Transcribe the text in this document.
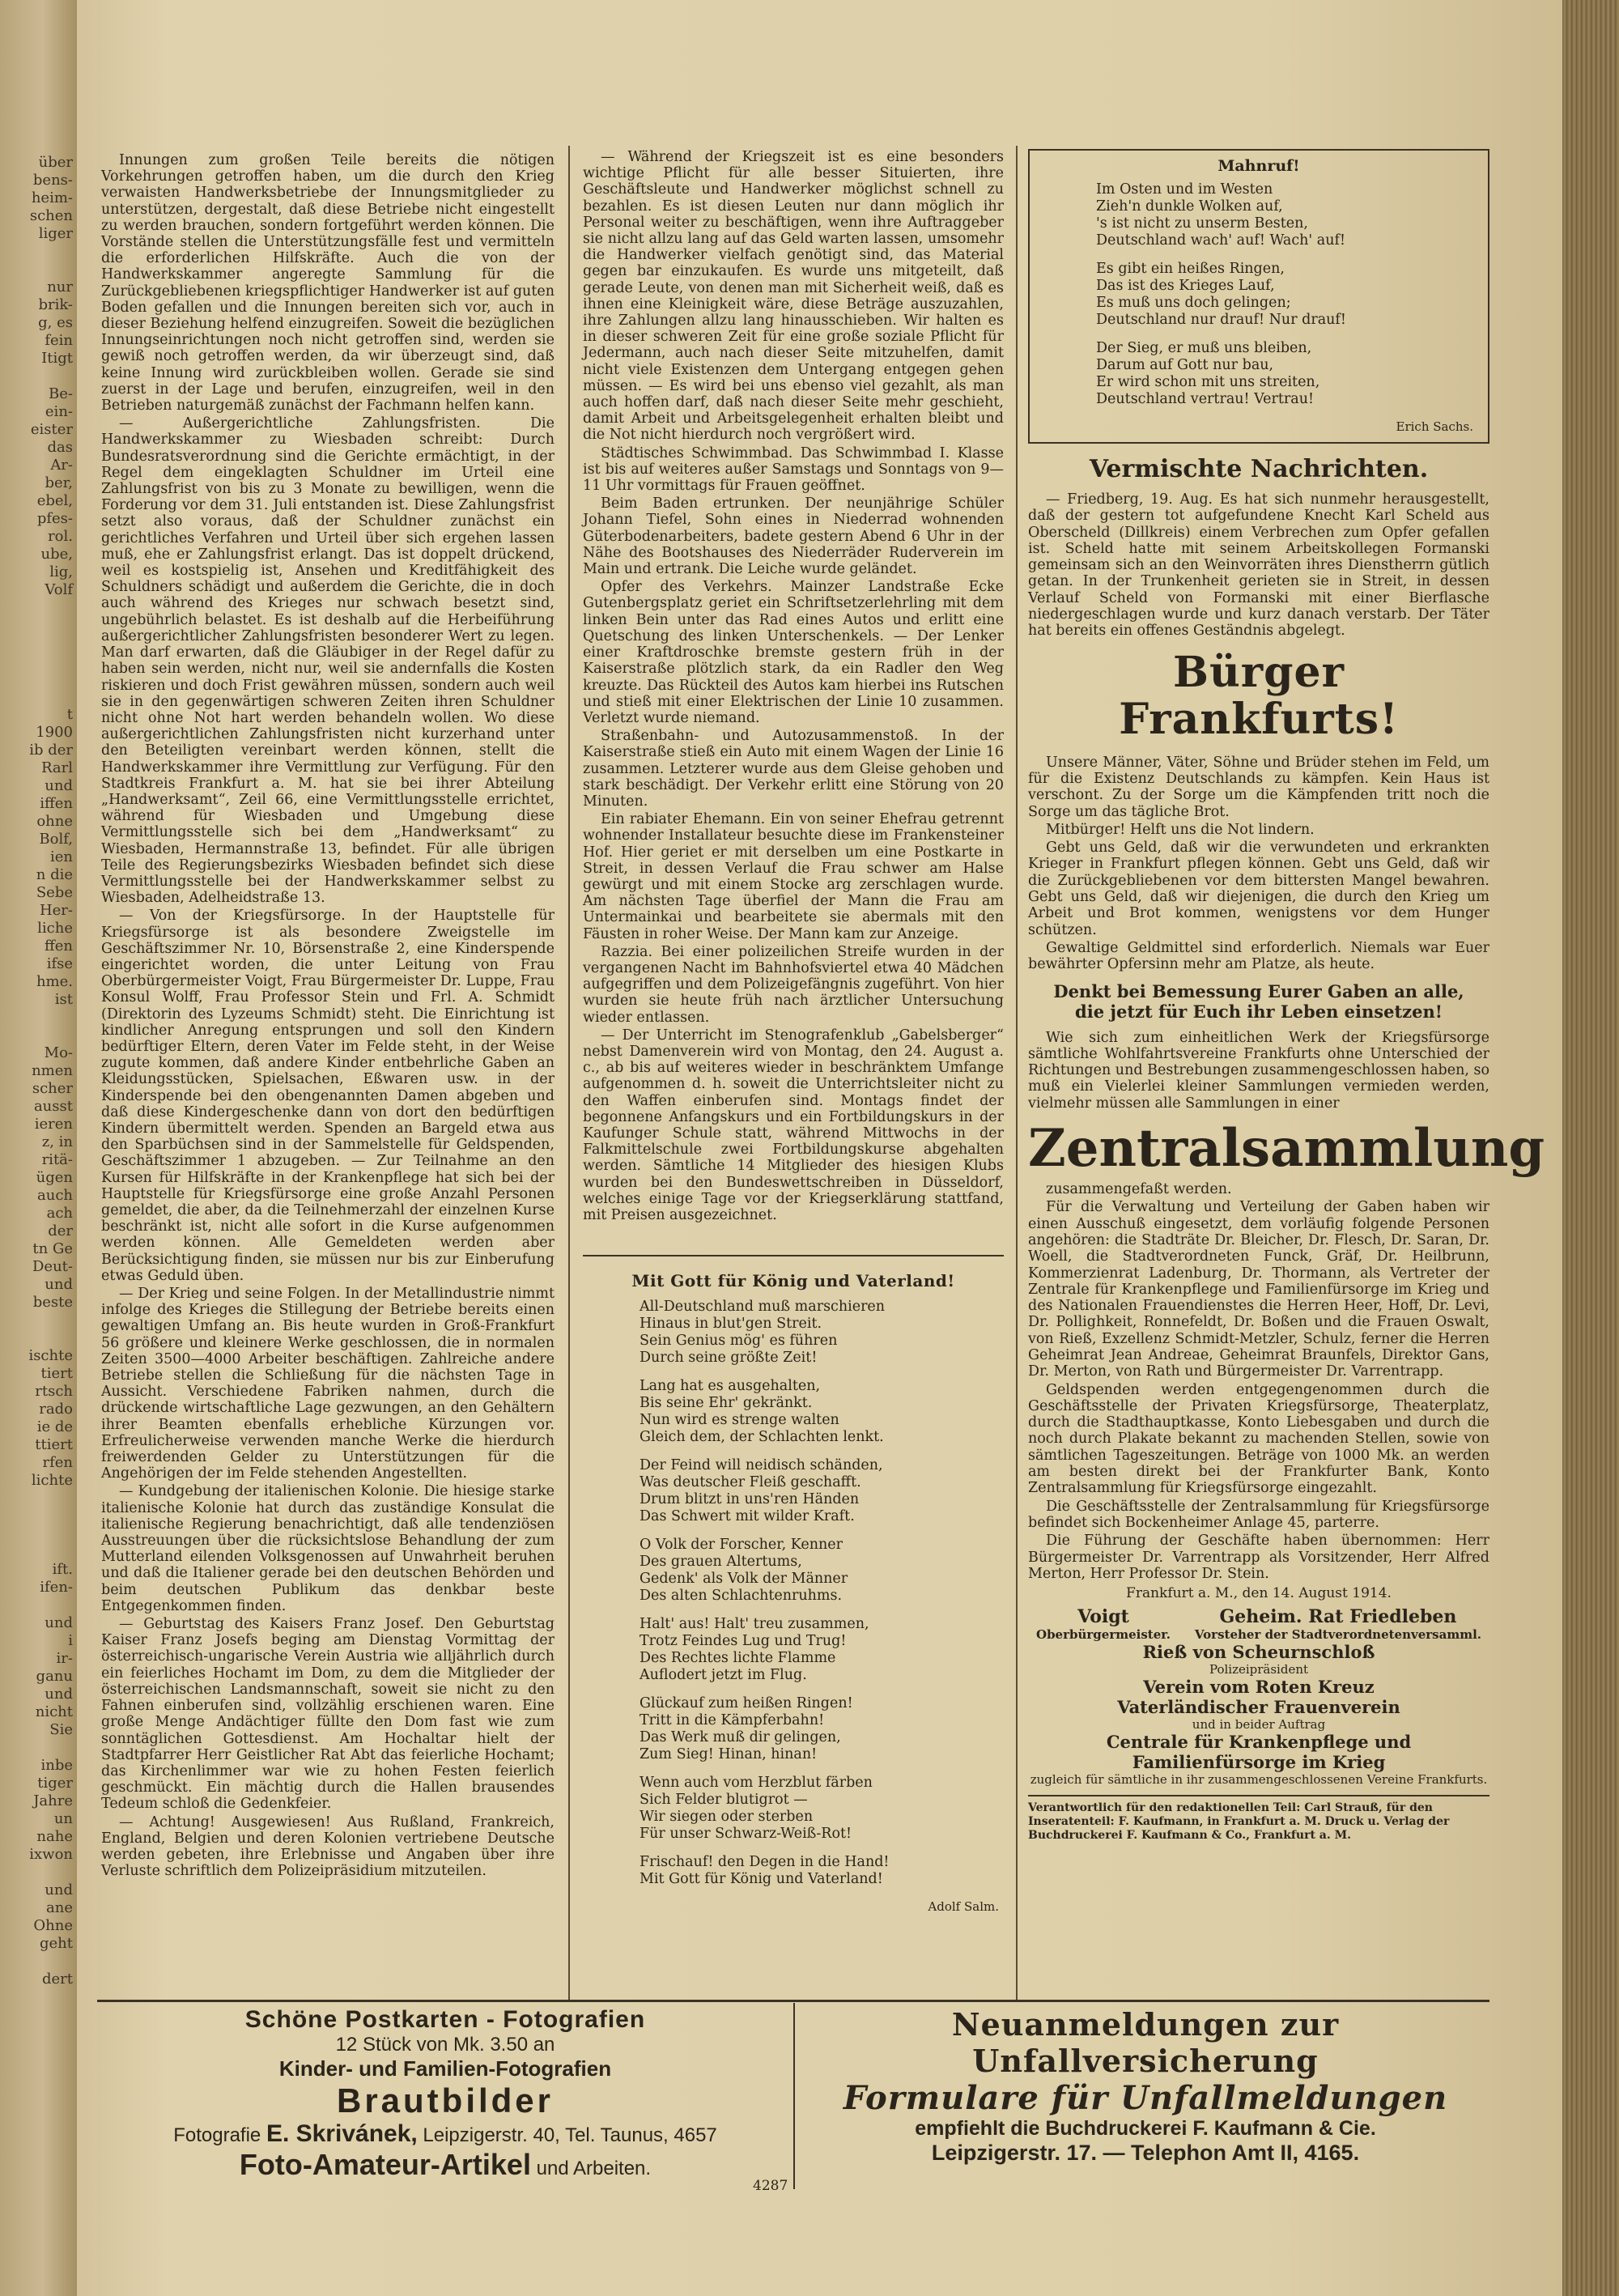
über
bens-
heim-
schen
liger
nur
brik-
g, es
fein
Itigt
Be-
ein-
eister
das
Ar-
ber,
ebel,
pfes-
rol.
ube,
lig,
Volf
t
1900
ib der
Rarl
und
iffen
ohne
Bolf,
ien
n die
Sebe
Her-
liche
ffen
ifse
hme.
ist
Mo-
nmen
scher
ausst
ieren
z, in
ritä-
ügen
auch
ach
der
tn Ge
Deut-
und
beste
ischte
tiert
rtsch
rado
ie de
ttiert
rfen
lichte
ift.
ifen-
und
i
ir-
ganu
und
nicht
Sie
inbe
tiger
Jahre
un
nahe
ixwon
und
ane
Ohne
geht
dert

Innungen zum großen Teile bereits die nötigen Vorkehrungen getroffen haben, um die durch den Krieg verwaisten Handwerksbetriebe der Innungsmitglieder zu unterstützen, dergestalt, daß diese Betriebe nicht eingestellt zu werden brauchen, sondern fortgeführt werden können. Die Vorstände stellen die Unterstützungsfälle fest und vermitteln die erforderlichen Hilfskräfte. Auch die von der Handwerkskammer angeregte Sammlung für die Zurückgebliebenen kriegspflichtiger Handwerker ist auf guten Boden gefallen und die Innungen bereiten sich vor, auch in dieser Beziehung helfend einzugreifen. Soweit die bezüglichen Innungseinrichtungen noch nicht getroffen sind, werden sie gewiß noch getroffen werden, da wir überzeugt sind, daß keine Innung wird zurückbleiben wollen. Gerade sie sind zuerst in der Lage und berufen, einzugreifen, weil in den Betrieben naturgemäß zunächst der Fachmann helfen kann.

— Außergerichtliche Zahlungsfristen. Die Handwerkskammer zu Wiesbaden schreibt: Durch Bundesratsverordnung sind die Gerichte ermächtigt, in der Regel dem eingeklagten Schuldner im Urteil eine Zahlungsfrist von bis zu 3 Monate zu bewilligen, wenn die Forderung vor dem 31. Juli entstanden ist. Diese Zahlungsfrist setzt also voraus, daß der Schuldner zunächst ein gerichtliches Verfahren und Urteil über sich ergehen lassen muß, ehe er Zahlungsfrist erlangt. Das ist doppelt drückend, weil es kostspielig ist, Ansehen und Kreditfähigkeit des Schuldners schädigt und außerdem die Gerichte, die in doch auch während des Krieges nur schwach besetzt sind, ungebührlich belastet. Es ist deshalb auf die Herbeiführung außergerichtlicher Zahlungsfristen besonderer Wert zu legen. Man darf erwarten, daß die Gläubiger in der Regel dafür zu haben sein werden, nicht nur, weil sie andernfalls die Kosten riskieren und doch Frist gewähren müssen, sondern auch weil sie in den gegenwärtigen schweren Zeiten ihren Schuldner nicht ohne Not hart werden behandeln wollen. Wo diese außergerichtlichen Zahlungsfristen nicht kurzerhand unter den Beteiligten vereinbart werden können, stellt die Handwerkskammer ihre Vermittlung zur Verfügung. Für den Stadtkreis Frankfurt a. M. hat sie bei ihrer Abteilung „Handwerksamt“, Zeil 66, eine Vermittlungsstelle errichtet, während für Wiesbaden und Umgebung diese Vermittlungsstelle sich bei dem „Handwerksamt“ zu Wiesbaden, Hermannstraße 13, befindet. Für alle übrigen Teile des Regierungsbezirks Wiesbaden befindet sich diese Vermittlungsstelle bei der Handwerkskammer selbst zu Wiesbaden, Adelheidstraße 13.

— Von der Kriegsfürsorge. In der Hauptstelle für Kriegsfürsorge ist als besondere Zweigstelle im Geschäftszimmer Nr. 10, Börsenstraße 2, eine Kinderspende eingerichtet worden, die unter Leitung von Frau Oberbürgermeister Voigt, Frau Bürgermeister Dr. Luppe, Frau Konsul Wolff, Frau Professor Stein und Frl. A. Schmidt (Direktorin des Lyzeums Schmidt) steht. Die Einrichtung ist kindlicher Anregung entsprungen und soll den Kindern bedürftiger Eltern, deren Vater im Felde steht, in der Weise zugute kommen, daß andere Kinder entbehrliche Gaben an Kleidungsstücken, Spielsachen, Eßwaren usw. in der Kinderspende bei den obengenannten Damen abgeben und daß diese Kindergeschenke dann von dort den bedürftigen Kindern übermittelt werden. Spenden an Bargeld etwa aus den Sparbüchsen sind in der Sammelstelle für Geldspenden, Geschäftszimmer 1 abzugeben. — Zur Teilnahme an den Kursen für Hilfskräfte in der Krankenpflege hat sich bei der Hauptstelle für Kriegsfürsorge eine große Anzahl Personen gemeldet, die aber, da die Teilnehmerzahl der einzelnen Kurse beschränkt ist, nicht alle sofort in die Kurse aufgenommen werden können. Alle Gemeldeten werden aber Berücksichtigung finden, sie müssen nur bis zur Einberufung etwas Geduld üben.

— Der Krieg und seine Folgen. In der Metallindustrie nimmt infolge des Krieges die Stillegung der Betriebe bereits einen gewaltigen Umfang an. Bis heute wurden in Groß-Frankfurt 56 größere und kleinere Werke geschlossen, die in normalen Zeiten 3500—4000 Arbeiter beschäftigen. Zahlreiche andere Betriebe stellen die Schließung für die nächsten Tage in Aussicht. Verschiedene Fabriken nahmen, durch die drückende wirtschaftliche Lage gezwungen, an den Gehältern ihrer Beamten ebenfalls erhebliche Kürzungen vor. Erfreulicherweise verwenden manche Werke die hierdurch freiwerdenden Gelder zu Unterstützungen für die Angehörigen der im Felde stehenden Angestellten.

— Kundgebung der italienischen Kolonie. Die hiesige starke italienische Kolonie hat durch das zuständige Konsulat die italienische Regierung benachrichtigt, daß alle tendenziösen Ausstreuungen über die rücksichtslose Behandlung der zum Mutterland eilenden Volksgenossen auf Unwahrheit beruhen und daß die Italiener gerade bei den deutschen Behörden und beim deutschen Publikum das denkbar beste Entgegenkommen finden.

— Geburtstag des Kaisers Franz Josef. Den Geburtstag Kaiser Franz Josefs beging am Dienstag Vormittag der österreichisch-ungarische Verein Austria wie alljährlich durch ein feierliches Hochamt im Dom, zu dem die Mitglieder der österreichischen Landsmannschaft, soweit sie nicht zu den Fahnen einberufen sind, vollzählig erschienen waren. Eine große Menge Andächtiger füllte den Dom fast wie zum sonntäglichen Gottesdienst. Am Hochaltar hielt der Stadtpfarrer Herr Geistlicher Rat Abt das feierliche Hochamt; das Kirchenlimmer war wie zu hohen Festen feierlich geschmückt. Ein mächtig durch die Hallen brausendes Tedeum schloß die Gedenkfeier.

— Achtung! Ausgewiesen! Aus Rußland, Frankreich, England, Belgien und deren Kolonien vertriebene Deutsche werden gebeten, ihre Erlebnisse und Angaben über ihre Verluste schriftlich dem Polizeipräsidium mitzuteilen.

— Während der Kriegszeit ist es eine besonders wichtige Pflicht für alle besser Situierten, ihre Geschäftsleute und Handwerker möglichst schnell zu bezahlen. Es ist diesen Leuten nur dann möglich ihr Personal weiter zu beschäftigen, wenn ihre Auftraggeber sie nicht allzu lang auf das Geld warten lassen, umsomehr die Handwerker vielfach genötigt sind, das Material gegen bar einzukaufen. Es wurde uns mitgeteilt, daß gerade Leute, von denen man mit Sicherheit weiß, daß es ihnen eine Kleinigkeit wäre, diese Beträge auszuzahlen, ihre Zahlungen allzu lang hinausschieben. Wir halten es in dieser schweren Zeit für eine große soziale Pflicht für Jedermann, auch nach dieser Seite mitzuhelfen, damit nicht viele Existenzen dem Untergang entgegen gehen müssen. — Es wird bei uns ebenso viel gezahlt, als man auch hoffen darf, daß nach dieser Seite mehr geschieht, damit Arbeit und Arbeitsgelegenheit erhalten bleibt und die Not nicht hierdurch noch vergrößert wird.

Städtisches Schwimmbad. Das Schwimmbad I. Klasse ist bis auf weiteres außer Samstags und Sonntags von 9—11 Uhr vormittags für Frauen geöffnet.

Beim Baden ertrunken. Der neunjährige Schüler Johann Tiefel, Sohn eines in Niederrad wohnenden Güterbodenarbeiters, badete gestern Abend 6 Uhr in der Nähe des Bootshauses des Niederräder Ruderverein im Main und ertrank. Die Leiche wurde geländet.

Opfer des Verkehrs. Mainzer Landstraße Ecke Gutenbergsplatz geriet ein Schriftsetzerlehrling mit dem linken Bein unter das Rad eines Autos und erlitt eine Quetschung des linken Unterschenkels. — Der Lenker einer Kraftdroschke bremste gestern früh in der Kaiserstraße plötzlich stark, da ein Radler den Weg kreuzte. Das Rückteil des Autos kam hierbei ins Rutschen und stieß mit einer Elektrischen der Linie 10 zusammen. Verletzt wurde niemand.

Straßenbahn- und Autozusammenstoß. In der Kaiserstraße stieß ein Auto mit einem Wagen der Linie 16 zusammen. Letzterer wurde aus dem Gleise gehoben und stark beschädigt. Der Verkehr erlitt eine Störung von 20 Minuten.

Ein rabiater Ehemann. Ein von seiner Ehefrau getrennt wohnender Installateur besuchte diese im Frankensteiner Hof. Hier geriet er mit derselben um eine Postkarte in Streit, in dessen Verlauf die Frau schwer am Halse gewürgt und mit einem Stocke arg zerschlagen wurde. Am nächsten Tage überfiel der Mann die Frau am Untermainkai und bearbeitete sie abermals mit den Fäusten in roher Weise. Der Mann kam zur Anzeige.

Razzia. Bei einer polizeilichen Streife wurden in der vergangenen Nacht im Bahnhofsviertel etwa 40 Mädchen aufgegriffen und dem Polizeigefängnis zugeführt. Von hier wurden sie heute früh nach ärztlicher Untersuchung wieder entlassen.

— Der Unterricht im Stenografenklub „Gabelsberger“ nebst Damenverein wird von Montag, den 24. August a. c., ab bis auf weiteres wieder in beschränktem Umfange aufgenommen d. h. soweit die Unterrichtsleiter nicht zu den Waffen einberufen sind. Montags findet der begonnene Anfangskurs und ein Fortbildungskurs in der Kaufunger Schule statt, während Mittwochs in der Falkmittelschule zwei Fortbildungskurse abgehalten werden. Sämtliche 14 Mitglieder des hiesigen Klubs wurden bei den Bundeswettschreiben in Düsseldorf, welches einige Tage vor der Kriegserklärung stattfand, mit Preisen ausgezeichnet.

Mit Gott für König und Vaterland!
All-Deutschland muß marschieren
Hinaus in blut'gen Streit.
Sein Genius mög' es führen
Durch seine größte Zeit!
Lang hat es ausgehalten,
Bis seine Ehr' gekränkt.
Nun wird es strenge walten
Gleich dem, der Schlachten lenkt.
Der Feind will neidisch schänden,
Was deutscher Fleiß geschafft.
Drum blitzt in uns'ren Händen
Das Schwert mit wilder Kraft.
O Volk der Forscher, Kenner
Des grauen Altertums,
Gedenk' als Volk der Männer
Des alten Schlachtenruhms.
Halt' aus! Halt' treu zusammen,
Trotz Feindes Lug und Trug!
Des Rechtes lichte Flamme
Auflodert jetzt im Flug.
Glückauf zum heißen Ringen!
Tritt in die Kämpferbahn!
Das Werk muß dir gelingen,
Zum Sieg! Hinan, hinan!
Wenn auch vom Herzblut färben
Sich Felder blutigrot —
Wir siegen oder sterben
Für unser Schwarz-Weiß-Rot!
Frischauf! den Degen in die Hand!
Mit Gott für König und Vaterland!
Adolf Salm.
Mahnruf!
Im Osten und im Westen
Zieh'n dunkle Wolken auf,
's ist nicht zu unserm Besten,
Deutschland wach' auf! Wach' auf!
Es gibt ein heißes Ringen,
Das ist des Krieges Lauf,
Es muß uns doch gelingen;
Deutschland nur drauf! Nur drauf!
Der Sieg, er muß uns bleiben,
Darum auf Gott nur bau,
Er wird schon mit uns streiten,
Deutschland vertrau! Vertrau!
Erich Sachs.
Vermischte Nachrichten.

— Friedberg, 19. Aug. Es hat sich nunmehr herausgestellt, daß der gestern tot aufgefundene Knecht Karl Scheld aus Oberscheld (Dillkreis) einem Verbrechen zum Opfer gefallen ist. Scheld hatte mit seinem Arbeitskollegen Formanski gemeinsam sich an den Weinvorräten ihres Dienstherrn gütlich getan. In der Trunkenheit gerieten sie in Streit, in dessen Verlauf Scheld von Formanski mit einer Bierflasche niedergeschlagen wurde und kurz danach verstarb. Der Täter hat bereits ein offenes Geständnis abgelegt.

Bürger Frankfurts!

Unsere Männer, Väter, Söhne und Brüder stehen im Feld, um für die Existenz Deutschlands zu kämpfen. Kein Haus ist verschont. Zu der Sorge um die Kämpfenden tritt noch die Sorge um das tägliche Brot.

Mitbürger! Helft uns die Not lindern.

Gebt uns Geld, daß wir die verwundeten und erkrankten Krieger in Frankfurt pflegen können. Gebt uns Geld, daß wir die Zurückgebliebenen vor dem bittersten Mangel bewahren. Gebt uns Geld, daß wir diejenigen, die durch den Krieg um Arbeit und Brot kommen, wenigstens vor dem Hunger schützen.

Gewaltige Geldmittel sind erforderlich. Niemals war Euer bewährter Opfersinn mehr am Platze, als heute.

Denkt bei Bemessung Eurer Gaben an alle,
die jetzt für Euch ihr Leben einsetzen!

Wie sich zum einheitlichen Werk der Kriegsfürsorge sämtliche Wohlfahrtsvereine Frankfurts ohne Unterschied der Richtungen und Bestrebungen zusammengeschlossen haben, so muß ein Vielerlei kleiner Sammlungen vermieden werden, vielmehr müssen alle Sammlungen in einer

Zentralsammlung

zusammengefaßt werden.

Für die Verwaltung und Verteilung der Gaben haben wir einen Ausschuß eingesetzt, dem vorläufig folgende Personen angehören: die Stadträte Dr. Bleicher, Dr. Flesch, Dr. Saran, Dr. Woell, die Stadtverordneten Funck, Gräf, Dr. Heilbrunn, Kommerzienrat Ladenburg, Dr. Thormann, als Vertreter der Zentrale für Krankenpflege und Familienfürsorge im Krieg und des Nationalen Frauendienstes die Herren Heer, Hoff, Dr. Levi, Dr. Pollighkeit, Ronnefeldt, Dr. Boßen und die Frauen Oswalt, von Rieß, Exzellenz Schmidt-Metzler, Schulz, ferner die Herren Geheimrat Jean Andreae, Geheimrat Braunfels, Direktor Gans, Dr. Merton, von Rath und Bürgermeister Dr. Varrentrapp.

Geldspenden werden entgegengenommen durch die Geschäftsstelle der Privaten Kriegsfürsorge, Theaterplatz, durch die Stadthauptkasse, Konto Liebesgaben und durch die noch durch Plakate bekannt zu machenden Stellen, sowie von sämtlichen Tageszeitungen. Beträge von 1000 Mk. an werden am besten direkt bei der Frankfurter Bank, Konto Zentralsammlung für Kriegsfürsorge eingezahlt.

Die Geschäftsstelle der Zentralsammlung für Kriegsfürsorge befindet sich Bockenheimer Anlage 45, parterre.

Die Führung der Geschäfte haben übernommen: Herr Bürgermeister Dr. Varrentrapp als Vorsitzender, Herr Alfred Merton, Herr Professor Dr. Stein.

Frankfurt a. M., den 14. August 1914.
Voigt
Oberbürgermeister.
Geheim. Rat Friedleben
Vorsteher der Stadtverordnetenversamml.
Rieß von Scheurnschloß
Polizeipräsident
Verein vom Roten Kreuz
Vaterländischer Frauenverein
und in beider Auftrag
Centrale für Krankenpflege und Familienfürsorge im Krieg
zugleich für sämtliche in ihr zusammengeschlossenen Vereine Frankfurts.
Verantwortlich für den redaktionellen Teil: Carl Strauß, für den Inseratenteil: F. Kaufmann, in Frankfurt a. M. Druck u. Verlag der Buchdruckerei F. Kaufmann & Co., Frankfurt a. M.
Schöne Postkarten - Fotografien
12 Stück von Mk. 3.50 an
Kinder- und Familien-Fotografien
Brautbilder
Fotografie E. Skrivánek, Leipzigerstr. 40, Tel. Taunus, 4657
Foto-Amateur-Artikel und Arbeiten.
Neuanmeldungen zur Unfallversicherung
Formulare für Unfallmeldungen
empfiehlt die Buchdruckerei F. Kaufmann & Cie.
Leipzigerstr. 17. — Telephon Amt II, 4165.
4287
